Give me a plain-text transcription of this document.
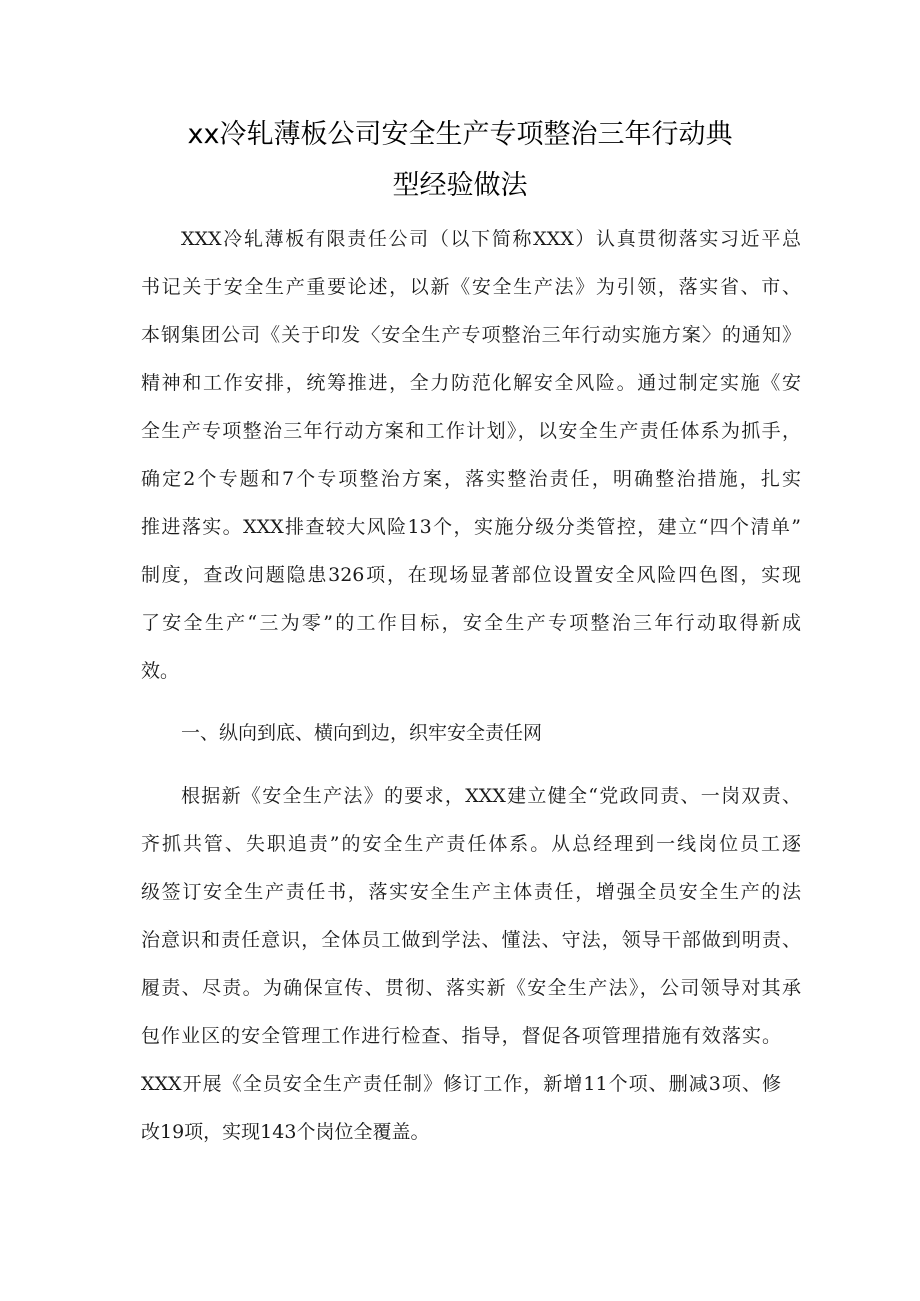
xx冷轧薄板公司安全生产专项整治三年行动典
型经验做法
XXX冷轧薄板有限责任公司（以下简称XXX）认真贯彻落实习近平总
书记关于安全生产重要论述，以新《安全生产法》为引领，落实省、市、
本钢集团公司《关于印发〈安全生产专项整治三年行动实施方案〉的通知》
精神和工作安排，统筹推进，全力防范化解安全风险。通过制定实施《安
全生产专项整治三年行动方案和工作计划》，以安全生产责任体系为抓手，
确定2个专题和7个专项整治方案，落实整治责任，明确整治措施，扎实
推进落实。XXX排查较大风险13个，实施分级分类管控，建立“四个清单”
制度，查改问题隐患326项，在现场显著部位设置安全风险四色图，实现
了安全生产“三为零”的工作目标，安全生产专项整治三年行动取得新成
效。
一、纵向到底、横向到边，织牢安全责任网
根据新《安全生产法》的要求，XXX建立健全“党政同责、一岗双责、
齐抓共管、失职追责”的安全生产责任体系。从总经理到一线岗位员工逐
级签订安全生产责任书，落实安全生产主体责任，增强全员安全生产的法
治意识和责任意识，全体员工做到学法、懂法、守法，领导干部做到明责、
履责、尽责。为确保宣传、贯彻、落实新《安全生产法》，公司领导对其承
包作业区的安全管理工作进行检查、指导，督促各项管理措施有效落实。
XXX开展《全员安全生产责任制》修订工作，新增11个项、删减3项、修
改19项，实现143个岗位全覆盖。
